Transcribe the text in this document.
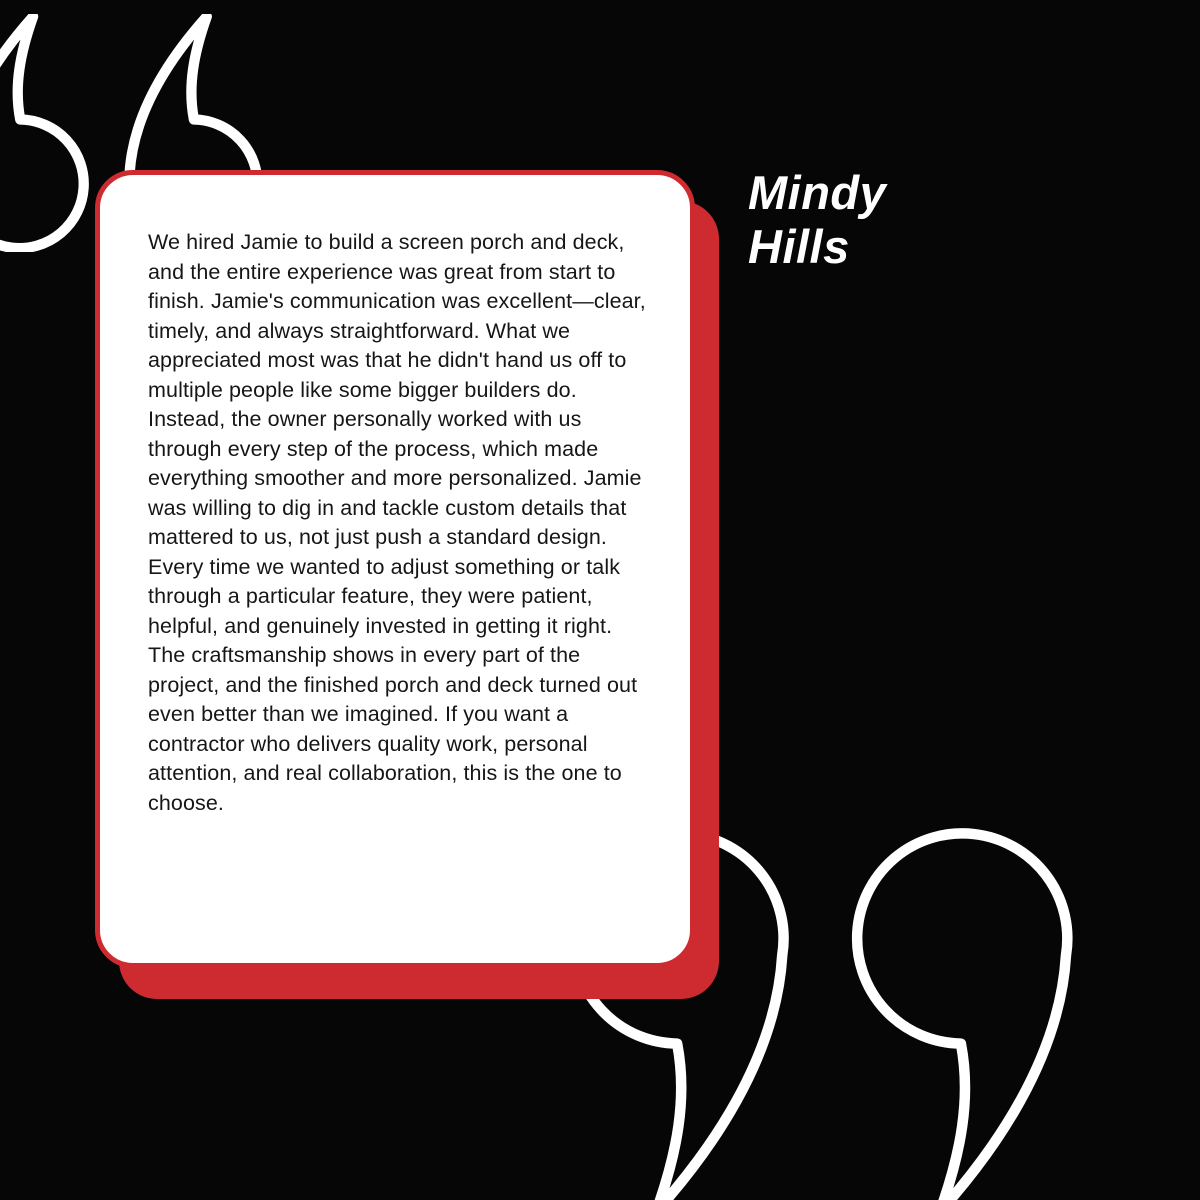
We hired Jamie to build a screen porch and deck, and the entire experience was great from start to finish. Jamie's communication was excellent—clear, timely, and always straightforward. What we appreciated most was that he didn't hand us off to multiple people like some bigger builders do. Instead, the owner personally worked with us through every step of the process, which made everything smoother and more personalized. Jamie was willing to dig in and tackle custom details that mattered to us, not just push a standard design. Every time we wanted to adjust something or talk through a particular feature, they were patient, helpful, and genuinely invested in getting it right. The craftsmanship shows in every part of the project, and the finished porch and deck turned out even better than we imagined. If you want a contractor who delivers quality work, personal attention, and real collaboration, this is the one to choose.

Mindy Hills
